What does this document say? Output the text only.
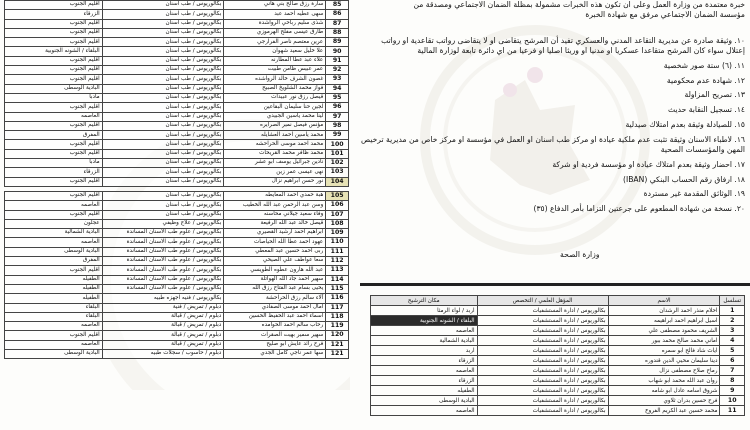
اقليم الجنوب	بكالوريوس / طب اسنان	سارة رزق صالح بني هاني	85
الزرقاء	بكالوريوس / طب اسنان	سهى عطيه احمد عبد	86
اقليم الجنوب	بكالوريوس / طب اسنان	شذى سليم رباحي الرواشدة	87
اقليم الجنوب	بكالوريوس / طب اسنان	طارق عيسى مفلح الهرموزي	88
اقليم الجنوب	بكالوريوس / طب اسنان	عرين معتصم ناصر الفرارجي	89
البلقاء / الشونه الجنوبية	بكالوريوس / طب اسنان	علا خليل سعيد شهوان	90
اقليم الجنوب	بكالوريوس / طب اسنان	علاء عبد عطا المطارنه	91
اقليم الجنوب	بكالوريوس / طب اسنان	عمر عبيس ظامن طبيت	92
اقليم الجنوب	بكالوريوس / طب اسنان	غصون الشرف خالد الرواشده	93
البادية الوسطى	بكالوريوس / طب اسنان	فواز محمد الشلويخ الصبيح	94
مادبا	بكالوريوس / طب اسنان	قيصل رزق نور عبيدات	95
اقليم الجنوب	بكالوريوس / طب اسنان	لجين حنا سليمان البقاعين	96
العاصمه	بكالوريوس / طب اسنان	لينا محمد ياسين الجبيدي	97
اقليم الجنوب	بكالوريوس / طب اسنان	مؤنس فيصل نمير الصرايره	98
المفرق	بكالوريوس / طب اسنان	محمد ياسين احمد العشايله	99
اقليم الجنوب	بكالوريوس / طب اسنان	محمد احمد موسى الحراحشه	100
اقليم الجنوب	بكالوريوس / طب اسنان	محمد ظافر محمد القريحات	101
مادبا	بكالوريوس / طب اسنان	نادين جبرائيل يوسف ابو عشر	102
الزرقاء	بكالوريوس / طب اسنان	نهى عيسى عمر زين	103
اقليم الجنوب	بكالوريوس / طب اسنان	نور حسن ابراهيم نزال	104

اقليم الجنوب	بكالوريوس / طب اسنان	هبة حمدي احمد المعايطه	105
العاصمه	بكالوريوس / طب اسنان	وسن عبد الرحمن عبد الله الخطيب	106
اقليم الجنوب	بكالوريوس / طب اسنان	وفاء سعيد جيلاني محاسنه	107
عجلون	بكالوريوس / علاج وظيفي	قيصل خالد عبد الله الرفيعة	108
البادية الشمالية	بكالوريوس / علوم طب الاسنان المساندة	ابراهيم احمد ارشيد القصيري	109
العاصمه	بكالوريوس / علوم طب الاسنان المساندة	عهود احمد عطا الله الحياصات	110
البادية الوسطى	بكالوريوس / علوم طب الاسنان المساندة	ربى احمد حسين عبد المعطي	111
المفرق	بكالوريوس / علوم طب الاسنان المساندة	سعا عواطف علي الصيحي	112
اقليم الجنوب	بكالوريوس / علوم طب الاسنان المساندة	عبد الله هارون عطوه الطويسي	113
الطفيله	بكالوريوس / علوم طب الاسنان المساندة	سهير احمد جاد الله الهواتلة	114
الطفيله	بكالوريوس / علوم طب الاسنان المساندة	يحيى بسام عبد الفتاح رزق الله	115
الطفيله	بكالوريوس / فنيه اجهزه طبيه	آلاء سالم رزق الحراحشة	116
البلقاء	دبلوم / تمريض / فنية	امال احمد موسى الصفادي	117
البلقاء	دبلوم / تمريض / قبالة	اسماء احمد عبد الحفيظ الحسين	118
العاصمه	دبلوم / تمريض / قبالة	رحاب سالم احمد الحوامده	119
اقليم الجنوب	دبلوم / تمريض / قبالة	سهير سمير بهيت الصقرات	120
العاصمه	دبلوم / تمريض / قبالة	فرح رائد عايش ابو صليح	121
البادية الوسطى	دبلوم / حاسوب / سجلات طبيه	سها عمر ناجي كامل الجدي	121

خبرة معتمدة من وزارة العمل وعلى ان تكون هذه الخبرات مشمولة بمظلة الضمان الاجتماعي ومصدقة من

مؤسسة الضمان الاجتماعي مرفق مع شهادة الخبرة

١٠. وثيقة صادرة عن مديرية التقاعد المدني والعسكري تفيد أن المرشح يتقاضى او لا يتقاضى رواتب تقاعدية او رواتب إعتلال سواء كان المرشح متقاعدا عسكريا او مدنيا او وريثا اصليا او فرعيا من اي دائرة تابعة لوزارة المالية

١١. (٦) ستة صور شخصية

١٢. شهادة عدم محكومية

١٣. تصريح المزاولة

١٤. تسجيل النقابة حديث

١٥. للصيادلة وثيقة بعدم امتلاك صيدلية

١٦. لاطباء الاسنان وثيقة تثبت عدم ملكية عيادة او مركز طب اسنان او العمل في مؤسسة او مركز خاص من مديرية ترخيص المهن والمؤسسات الصحية

١٧. احضار وثيقة بعدم امتلاك عيادة او مؤسسة فردية او شركة

١٨. ارفاق رقم الحساب البنكي (IBAN)

١٩. الوثائق المقدمة غير مستردة

٢٠. نسخة من شهادة المطعوم على جرعتين التزاما بأمر الدفاع (٣٥)

وزارة الصحة
مكان الترشيح	المؤهل العلمي / التخصص	الاسم	تسلسل
اربد / لواء الرمثا	بكالوريوس / ادارة المستشفيات	احلام منذر احمد الرشدان	1
البلقاء / الشونه الجنوبية	بكالوريوس / ادارة المستشفيات	اسيل ابراهيم احمد ابراهيمه	2
العاصمه	بكالوريوس / ادارة المستشفيات	الشريف محمود مصطفى علي	3
البادية الشمالية	بكالوريوس / ادارة المستشفيات	اماني محمد صالح محمد ببور	4
اربد	بكالوريوس / ادارة المستشفيات	اياث شاد فالح ابو سمره	5
الزرقاء	بكالوريوس / ادارة المستشفيات	دينا سليمان محيي الدين قندوره	6
العاصمه	بكالوريوس / ادارة المستشفيات	رماح صلاح مصطفى نزال	7
الزرقاء	بكالوريوس / ادارة المستشفيات	روان عبد الله محمد ابو شهاب	8
الطفيله	بكالوريوس / ادارة المستشفيات	شروق اسامه عادل ابو شامه	9
البادية الوسطى	بكالوريوس / ادارة المستشفيات	فرح حسين بدران ثلاوي	10
العاصمه	بكالوريوس / ادارة المستشفيات	محمد حسين عبد الكريم الفروخ	11
